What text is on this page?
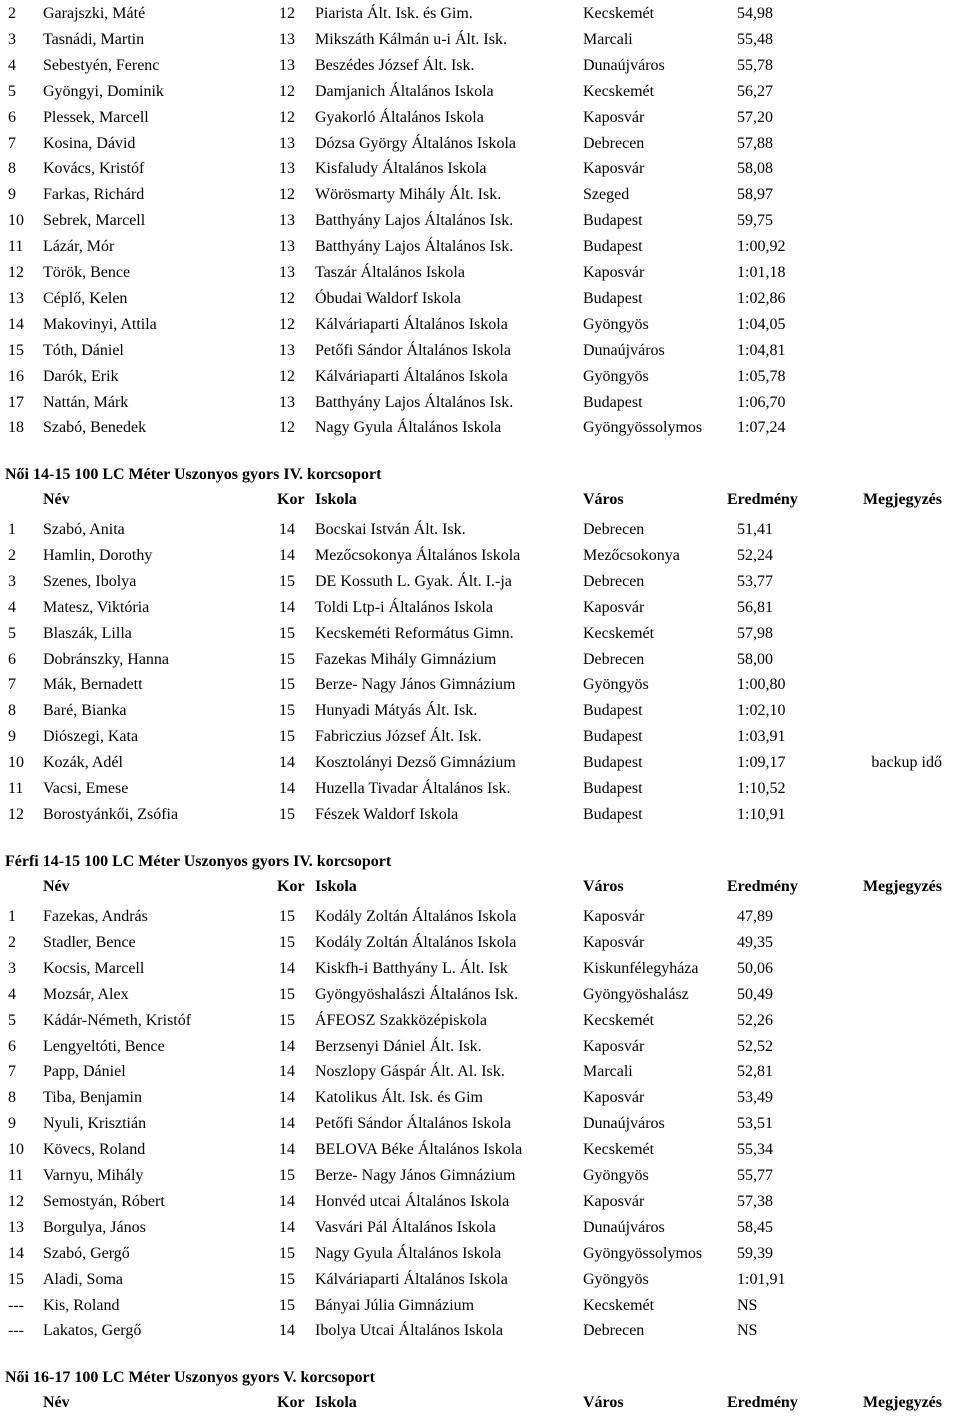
2	Garajszki, Máté	12 Piarista Ált. Isk. és Gim.	Kecskemét	54,98
3	Tasnádi, Martin	13 Mikszáth Kálmán u-i Ált. Isk.	Marcali	55,48
4	Sebestyén, Ferenc	13 Beszédes József Ált. Isk.	Dunaújváros	55,78
5	Gyöngyi, Dominik	12 Damjanich Általános Iskola	Kecskemét	56,27
6	Plessek, Marcell	12 Gyakorló Általános Iskola	Kaposvár	57,20
7	Kosina, Dávid	13 Dózsa György Általános Iskola	Debrecen	57,88
8	Kovács, Kristóf	13 Kisfaludy Általános Iskola	Kaposvár	58,08
9	Farkas, Richárd	12 Wörösmarty Mihály Ált. Isk.	Szeged	58,97
10	Sebrek, Marcell	13 Batthyány Lajos Általános Isk.	Budapest	59,75
11	Lázár, Mór	13 Batthyány Lajos Általános Isk.	Budapest	1:00,92
12	Török, Bence	13 Taszár Általános Iskola	Kaposvár	1:01,18
13	Céplő, Kelen	12 Óbudai Waldorf Iskola	Budapest	1:02,86
14	Makovinyi, Attila	12 Kálváriaparti Általános Iskola	Gyöngyös	1:04,05
15	Tóth, Dániel	13 Petőfi Sándor Általános Iskola	Dunaújváros	1:04,81
16	Darók, Erik	12 Kálváriaparti Általános Iskola	Gyöngyös	1:05,78
17	Nattán, Márk	13 Batthyány Lajos Általános Isk.	Budapest	1:06,70
18	Szabó, Benedek	12 Nagy Gyula Általános Iskola	Gyöngyössolymos 1:07,24
Női 14-15 100 LC Méter Uszonyos gyors IV. korcsoport
Név	Kor Iskola	Város	Eredmény	Megjegyzés
1	Szabó, Anita	14 Bocskai István Ált. Isk.	Debrecen	51,41
2	Hamlin, Dorothy	14 Mezőcsokonya Általános Iskola	Mezőcsokonya	52,24
3	Szenes, Ibolya	15 DE Kossuth L. Gyak. Ált. I.-ja	Debrecen	53,77
4	Matesz, Viktória	14 Toldi Ltp-i Általános Iskola	Kaposvár	56,81
5	Blaszák, Lilla	15 Kecskeméti Református Gimn.	Kecskemét	57,98
6	Dobránszky, Hanna	15 Fazekas Mihály Gimnázium	Debrecen	58,00
7	Mák, Bernadett	15 Berze- Nagy János Gimnázium	Gyöngyös	1:00,80
8	Baré, Bianka	15 Hunyadi Mátyás Ált. Isk.	Budapest	1:02,10
9	Diószegi, Kata	15 Fabriczius József Ált. Isk.	Budapest	1:03,91
10	Kozák, Adél	14 Kosztolányi Dezső Gimnázium	Budapest	1:09,17	backup idő
11	Vacsi, Emese	14 Huzella Tivadar Általános Isk.	Budapest	1:10,52
12	Borostyánkői, Zsófia	15 Fészek Waldorf Iskola	Budapest	1:10,91
Férfi 14-15 100 LC Méter Uszonyos gyors IV. korcsoport
Név	Kor Iskola	Város	Eredmény	Megjegyzés
1	Fazekas, András	15 Kodály Zoltán Általános Iskola	Kaposvár	47,89
2	Stadler, Bence	15 Kodály Zoltán Általános Iskola	Kaposvár	49,35
3	Kocsis, Marcell	14 Kiskfh-i Batthyány L. Ált. Isk	Kiskunfélegyháza 50,06
4	Mozsár, Alex	15 Gyöngyöshalászi Általános Isk.	Gyöngyöshalász	50,49
5	Kádár-Németh, Kristóf	15 ÁFEOSZ Szakközépiskola	Kecskemét	52,26
6	Lengyeltóti, Bence	14 Berzsenyi Dániel Ált. Isk.	Kaposvár	52,52
7	Papp, Dániel	14 Noszlopy Gáspár Ált. Al. Isk.	Marcali	52,81
8	Tiba, Benjamin	14 Katolikus Ált. Isk. és Gim	Kaposvár	53,49
9	Nyuli, Krisztián	14 Petőfi Sándor Általános Iskola	Dunaújváros	53,51
10	Kövecs, Roland	14 BELOVA Béke Általános Iskola	Kecskemét	55,34
11	Varnyu, Mihály	15 Berze- Nagy János Gimnázium	Gyöngyös	55,77
12	Semostyán, Róbert	14 Honvéd utcai Általános Iskola	Kaposvár	57,38
13	Borgulya, János	14 Vasvári Pál Általános Iskola	Dunaújváros	58,45
14	Szabó, Gergő	15 Nagy Gyula Általános Iskola	Gyöngyössolymos 59,39
15	Aladi, Soma	15 Kálváriaparti Általános Iskola	Gyöngyös	1:01,91
---	Kis, Roland	15 Bányai Júlia Gimnázium	Kecskemét	NS
---	Lakatos, Gergő	14 Ibolya Utcai Általános Iskola	Debrecen	NS
Női 16-17 100 LC Méter Uszonyos gyors V. korcsoport
Név	Kor Iskola	Város	Eredmény	Megjegyzés
